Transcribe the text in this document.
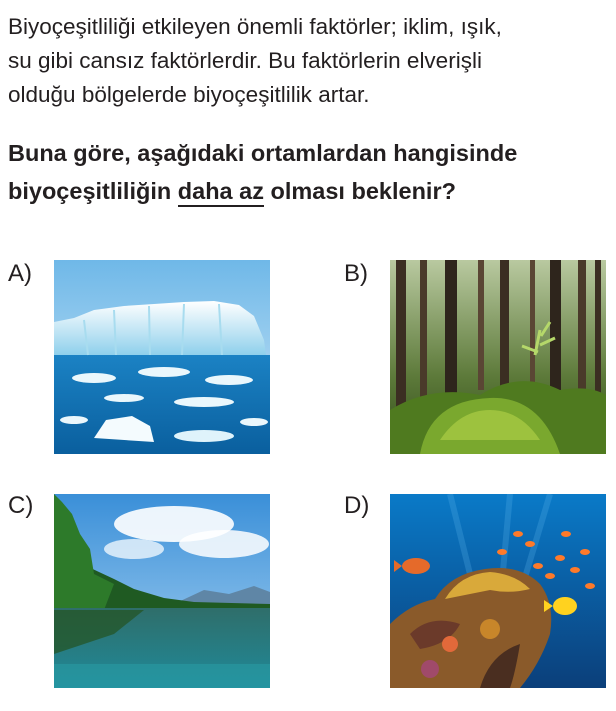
Biyoçeşitliliği etkileyen önemli faktörler; iklim, ışık,
su gibi cansız faktörlerdir. Bu faktörlerin elverişli
olduğu bölgelerde biyoçeşitlilik artar.
Buna göre, aşağıdaki ortamlardan hangisinde
biyoçeşitliliğin daha az olması beklenir?
A)	B)
C)	D)
